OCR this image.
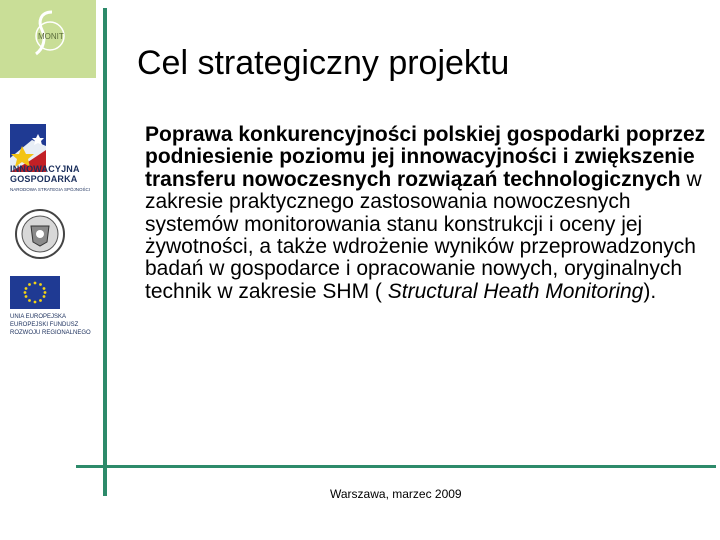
MONIT
INNOWACYJNA GOSPODARKA
NARODOWA STRATEGIA SPÓJNOŚCI
UNIA EUROPEJSKA
EUROPEJSKI FUNDUSZ
ROZWOJU REGIONALNEGO
Cel strategiczny projektu
Poprawa konkurencyjności polskiej gospodarki poprzez podniesienie poziomu jej innowacyjności i zwiększenie transferu nowoczesnych rozwiązań technologicznych w zakresie praktycznego zastosowania nowoczesnych systemów monitorowania stanu konstrukcji i oceny jej żywotności, a także wdrożenie wyników przeprowadzonych badań w gospodarce i opracowanie nowych, oryginalnych technik w zakresie SHM ( Structural Heath Monitoring).
Warszawa, marzec 2009
